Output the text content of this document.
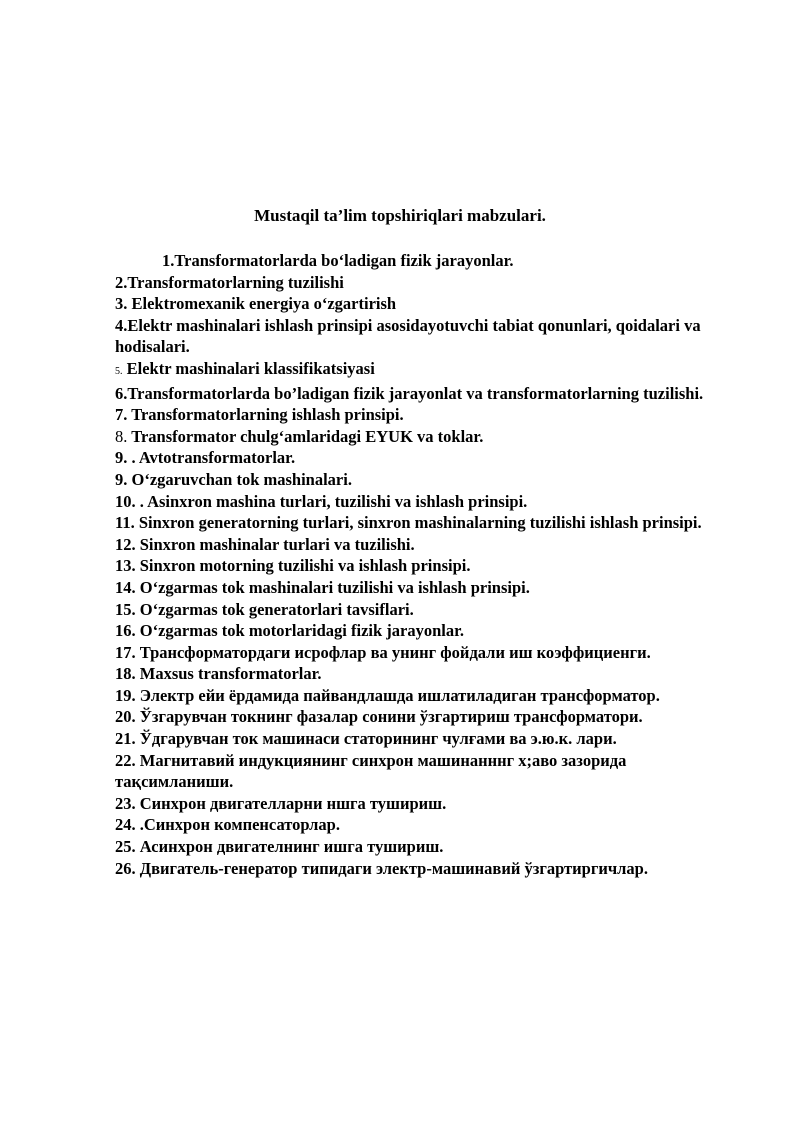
Mustaqil ta’lim topshiriqlari mabzulari.
1.Transformatorlarda bo‘ladigan fizik jarayonlar.
2.Transformatorlarning tuzilishi
3. Elektromexanik energiya o‘zgartirish
4.Elektr mashinalari ishlash prinsipi asosidayotuvchi tabiat qonunlari, qoidalari va hodisalari.
5. Elektr mashinalari klassifikatsiyasi
6.Transformatorlarda bo’ladigan fizik jarayonlat va transformatorlarning tuzilishi.
7. Transformatorlarning ishlash prinsipi.
8. Transformator chulg‘amlaridagi EYUK va toklar.
9. . Avtotransformatorlar.
9. O‘zgaruvchan tok mashinalari.
10. . Asinxron mashina turlari, tuzilishi va ishlash prinsipi.
11. Sinxron generatorning turlari, sinxron mashinalarning tuzilishi ishlash prinsipi.
12. Sinxron mashinalar turlari va tuzilishi.
13. Sinxron motorning tuzilishi va ishlash prinsipi.
14. O‘zgarmas tok mashinalari tuzilishi va ishlash prinsipi.
15. O‘zgarmas tok generatorlari tavsiflari.
16. O‘zgarmas tok motorlaridagi fizik jarayonlar.
17. Трансформатордаги исрофлар ва унинг фойдали иш коэффициенги.
18. Maxsus transformatorlar.
19. Электр ейи ёрдамида пайвандлашда ишлатиладиган трансформатор.
20. Ўзгарувчан токнинг фазалар сонини ўзгартириш трансформатори.
21. Ўдгарувчан ток машинаси статорининг чулғами ва э.ю.к. лари.
22. Магнитавий индукциянинг синхрон машинанннг х;аво зазорида тақсимланиши.
23. Синхрон двигателларни ншга тушириш.
24. .Синхрон компенсаторлар.
25. Асинхрон двигателнинг ишга тушириш.
26. Двигатель-генератор типидаги электр-машинавий ўзгартиргичлар.
